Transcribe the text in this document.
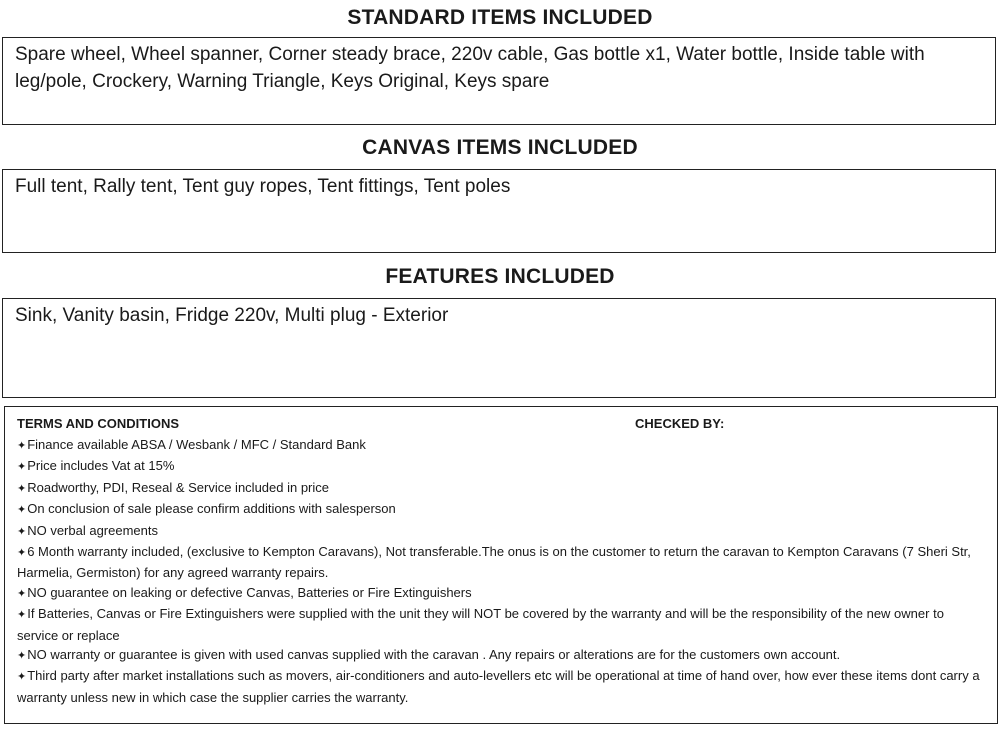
STANDARD ITEMS INCLUDED
Spare wheel, Wheel spanner, Corner steady brace, 220v cable, Gas bottle x1, Water bottle, Inside table with leg/pole, Crockery, Warning Triangle, Keys Original, Keys spare
CANVAS ITEMS INCLUDED
Full tent, Rally tent, Tent guy ropes, Tent fittings, Tent poles
FEATURES INCLUDED
Sink, Vanity basin, Fridge 220v, Multi plug - Exterior
TERMS AND CONDITIONS	CHECKED BY:
✦Finance available ABSA / Wesbank / MFC / Standard Bank
✦Price includes Vat at 15%
✦Roadworthy, PDI, Reseal & Service included in price
✦On conclusion of sale please confirm additions with salesperson
✦NO verbal agreements
✦6 Month warranty included, (exclusive to Kempton Caravans), Not transferable.The onus is on the customer to return the caravan to Kempton Caravans (7 Sheri Str, Harmelia, Germiston) for any agreed warranty repairs.
✦NO guarantee on leaking or defective Canvas, Batteries or Fire Extinguishers
✦If Batteries, Canvas or Fire Extinguishers were supplied with the unit they will NOT be covered by the warranty and will be the responsibility of the new owner to service or replace
✦NO warranty or guarantee is given with used canvas supplied with the caravan . Any repairs or alterations are for the customers own account.
✦Third party after market installations such as movers, air-conditioners and auto-levellers etc will be operational at time of hand over, how ever these items dont carry a warranty unless new in which case the supplier carries the warranty.
